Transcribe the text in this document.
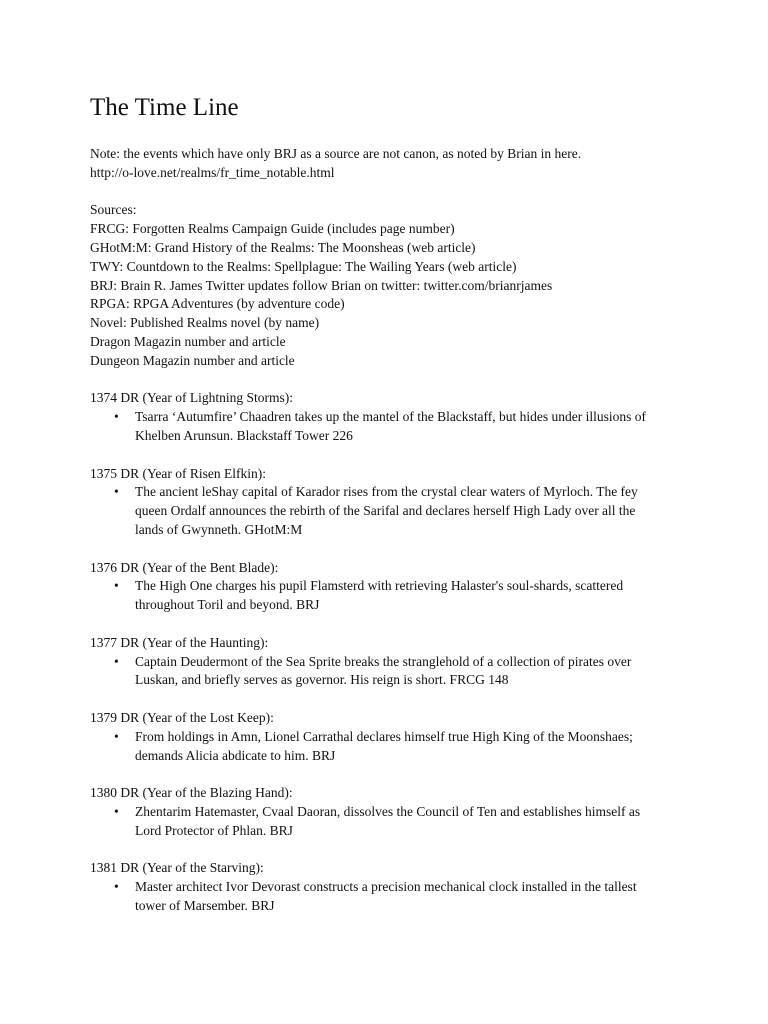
The Time Line
Note: the events which have only BRJ as a source are not canon, as noted by Brian in here.
http://o-love.net/realms/fr_time_notable.html
Sources:
FRCG: Forgotten Realms Campaign Guide (includes page number)
GHotM:M: Grand History of the Realms: The Moonsheas (web article)
TWY: Countdown to the Realms: Spellplague: The Wailing Years (web article)
BRJ: Brain R. James Twitter updates follow Brian on twitter: twitter.com/brianrjames
RPGA: RPGA Adventures (by adventure code)
Novel: Published Realms novel (by name)
Dragon Magazin number and article
Dungeon Magazin number and article
1374 DR (Year of Lightning Storms):
• Tsarra ‘Autumfire’ Chaadren takes up the mantel of the Blackstaff, but hides under illusions of Khelben Arunsun. Blackstaff Tower 226
1375 DR (Year of Risen Elfkin):
• The ancient leShay capital of Karador rises from the crystal clear waters of Myrloch. The fey queen Ordalf announces the rebirth of the Sarifal and declares herself High Lady over all the lands of Gwynneth. GHotM:M
1376 DR (Year of the Bent Blade):
• The High One charges his pupil Flamsterd with retrieving Halaster's soul-shards, scattered throughout Toril and beyond. BRJ
1377 DR (Year of the Haunting):
• Captain Deudermont of the Sea Sprite breaks the stranglehold of a collection of pirates over Luskan, and briefly serves as governor. His reign is short. FRCG 148
1379 DR (Year of the Lost Keep):
• From holdings in Amn, Lionel Carrathal declares himself true High King of the Moonshaes; demands Alicia abdicate to him. BRJ
1380 DR (Year of the Blazing Hand):
• Zhentarim Hatemaster, Cvaal Daoran, dissolves the Council of Ten and establishes himself as Lord Protector of Phlan. BRJ
1381 DR (Year of the Starving):
• Master architect Ivor Devorast constructs a precision mechanical clock installed in the tallest tower of Marsember. BRJ
